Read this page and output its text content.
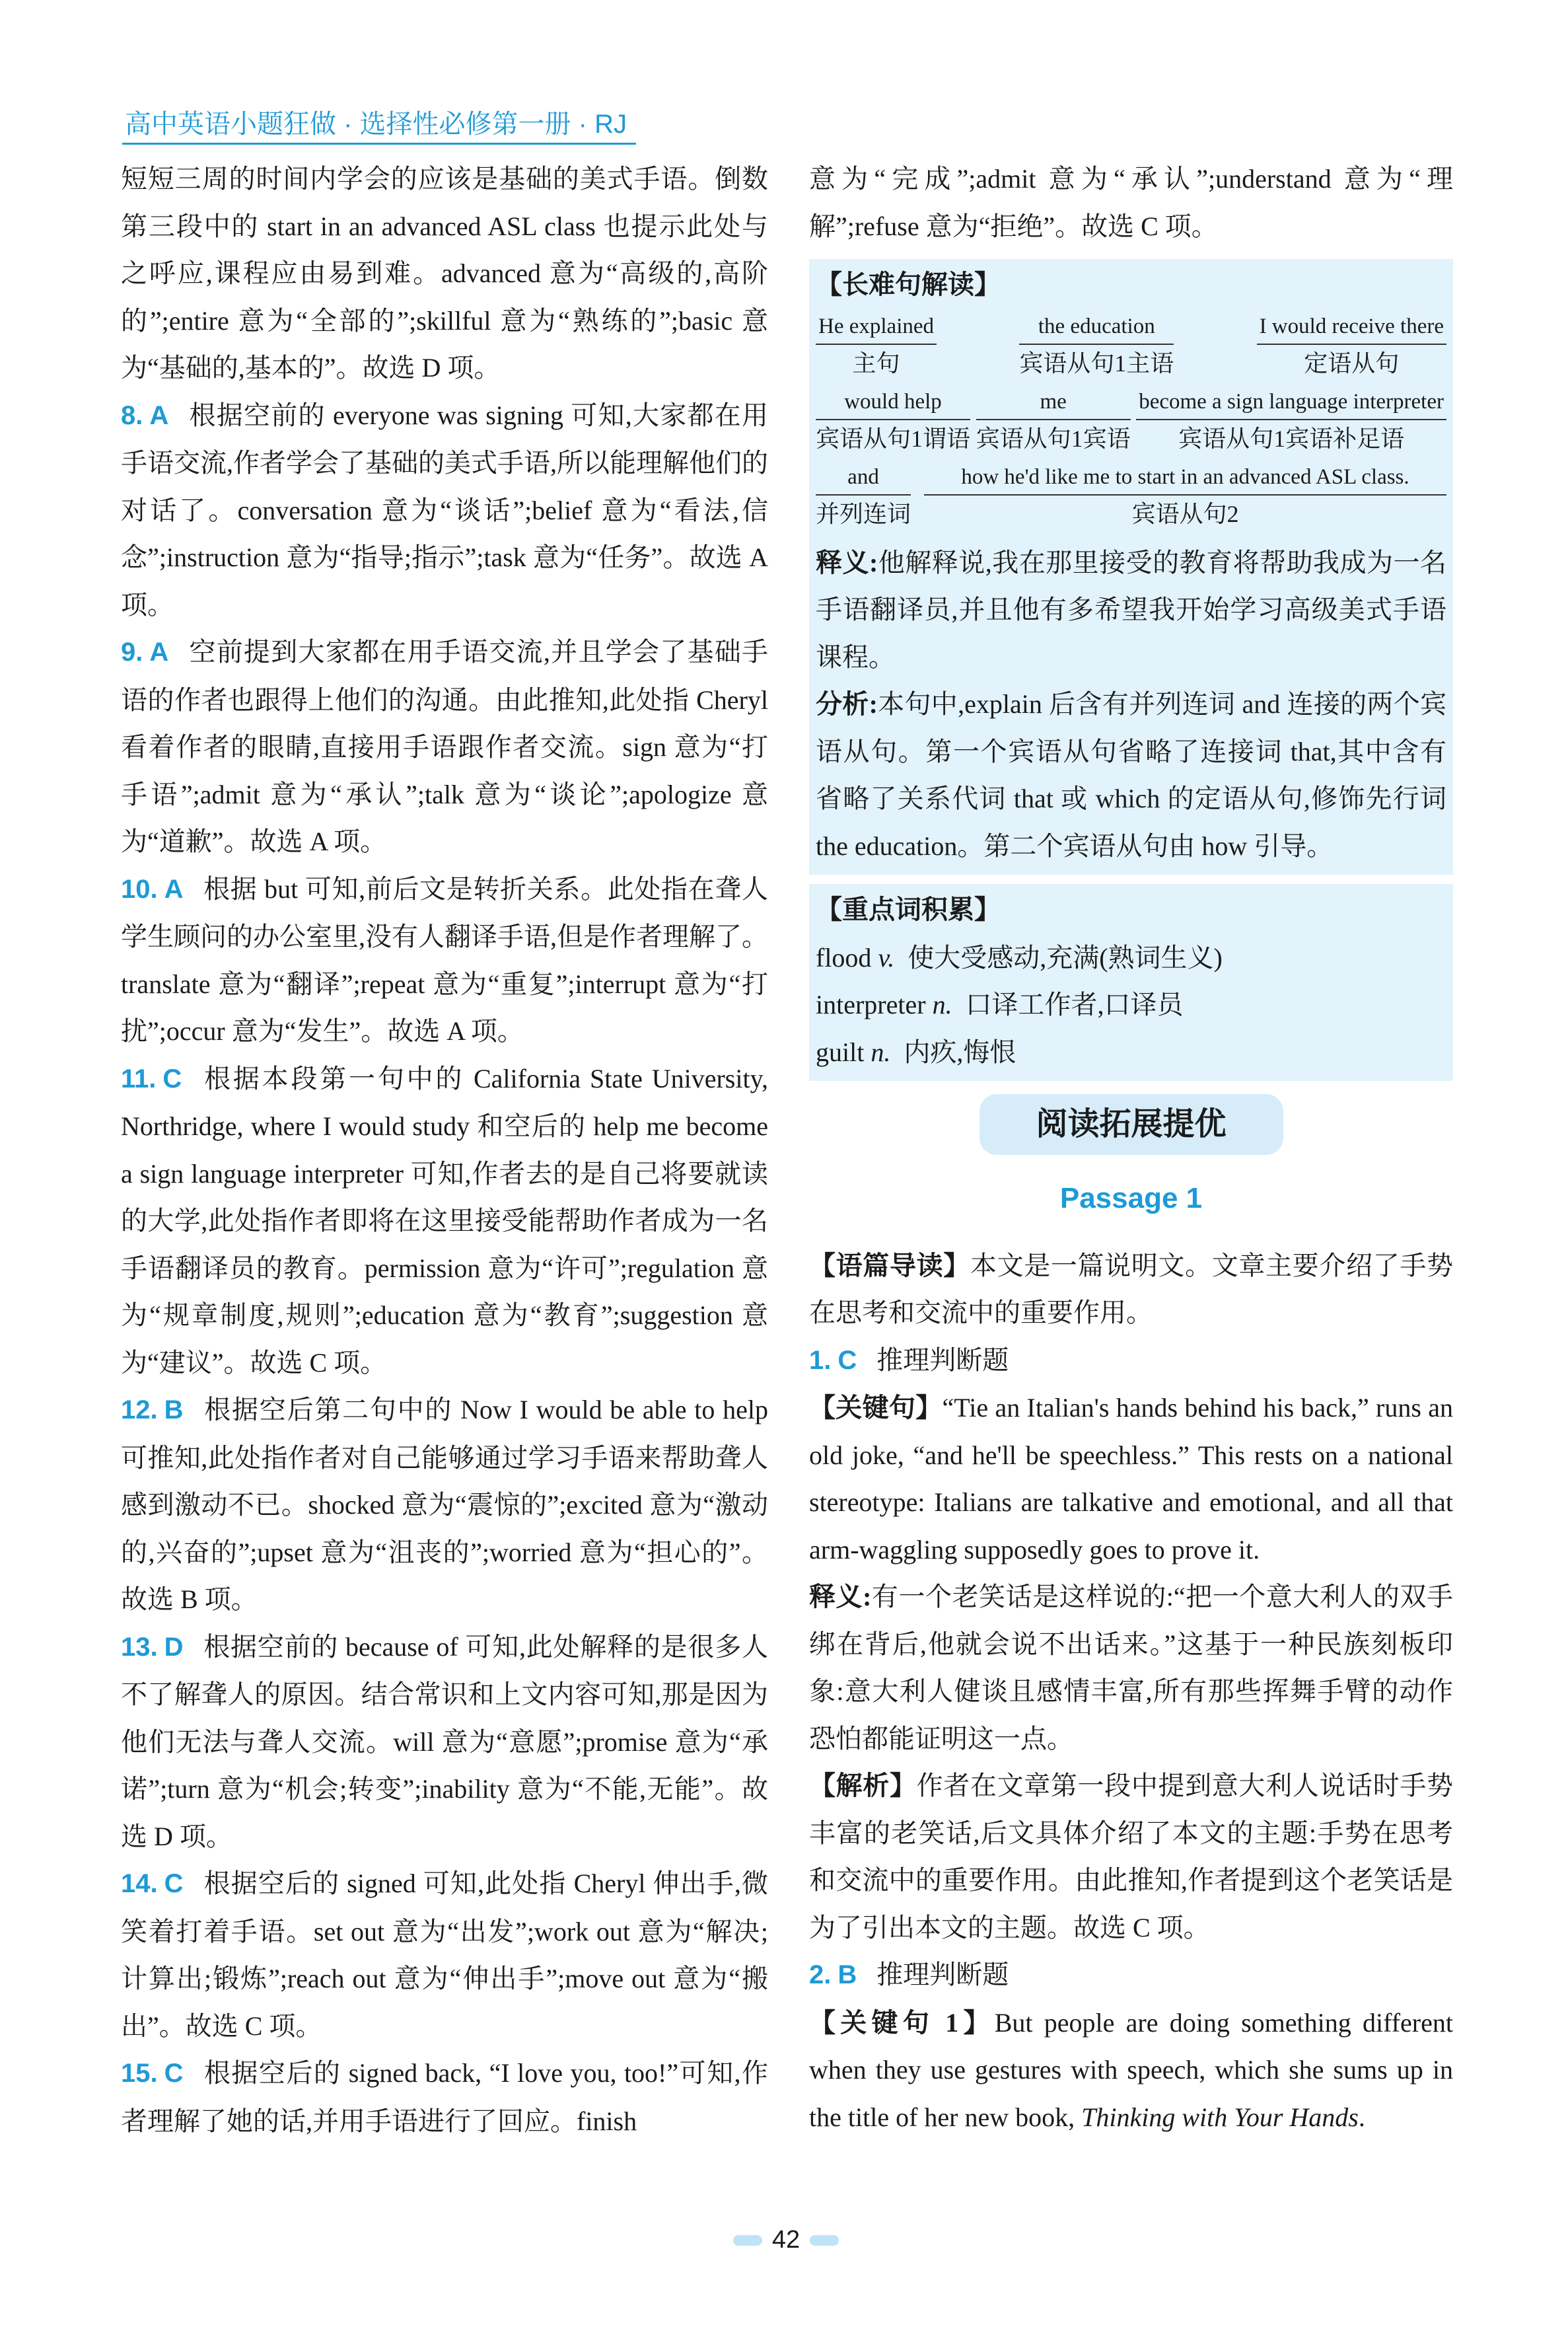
高中英语小题狂做 · 选择性必修第一册 · RJ

短短三周的时间内学会的应该是基础的美式手语。倒数第三段中的 start in an advanced ASL class 也提示此处与之呼应,课程应由易到难。advanced 意为“高级的,高阶的”;entire 意为“全部的”;skillful 意为“熟练的”;basic 意为“基础的,基本的”。故选 D 项。

8. A 根据空前的 everyone was signing 可知,大家都在用手语交流,作者学会了基础的美式手语,所以能理解他们的对话了。conversation 意为“谈话”;belief 意为“看法,信念”;instruction 意为“指导;指示”;task 意为“任务”。故选 A 项。

9. A 空前提到大家都在用手语交流,并且学会了基础手语的作者也跟得上他们的沟通。由此推知,此处指 Cheryl 看着作者的眼睛,直接用手语跟作者交流。sign 意为“打手语”;admit 意为“承认”;talk 意为“谈论”;apologize 意为“道歉”。故选 A 项。

10. A 根据 but 可知,前后文是转折关系。此处指在聋人学生顾问的办公室里,没有人翻译手语,但是作者理解了。translate 意为“翻译”;repeat 意为“重复”;interrupt 意为“打扰”;occur 意为“发生”。故选 A 项。

11. C 根据本段第一句中的 California State University, Northridge, where I would study 和空后的 help me become a sign language interpreter 可知,作者去的是自己将要就读的大学,此处指作者即将在这里接受能帮助作者成为一名手语翻译员的教育。permission 意为“许可”;regulation 意为“规章制度,规则”;education 意为“教育”;suggestion 意为“建议”。故选 C 项。

12. B 根据空后第二句中的 Now I would be able to help 可推知,此处指作者对自己能够通过学习手语来帮助聋人感到激动不已。shocked 意为“震惊的”;excited 意为“激动的,兴奋的”;upset 意为“沮丧的”;worried 意为“担心的”。故选 B 项。

13. D 根据空前的 because of 可知,此处解释的是很多人不了解聋人的原因。结合常识和上文内容可知,那是因为他们无法与聋人交流。will 意为“意愿”;promise 意为“承诺”;turn 意为“机会;转变”;inability 意为“不能,无能”。故选 D 项。

14. C 根据空后的 signed 可知,此处指 Cheryl 伸出手,微笑着打着手语。set out 意为“出发”;work out 意为“解决;计算出;锻炼”;reach out 意为“伸出手”;move out 意为“搬出”。故选 C 项。

15. C 根据空后的 signed back, “I love you, too!”可知,作者理解了她的话,并用手语进行了回应。finish

意为“完成”;admit 意为“承认”;understand 意为“理解”;refuse 意为“拒绝”。故选 C 项。

【长难句解读】
He explained
主句
the education
宾语从句1主语
I would receive there
定语从句
would help
宾语从句1谓语
me
宾语从句1宾语
become a sign language interpreter
宾语从句1宾语补足语
and
并列连词
how he'd like me to start in an advanced ASL class.
宾语从句2

释义:他解释说,我在那里接受的教育将帮助我成为一名手语翻译员,并且他有多希望我开始学习高级美式手语课程。

分析:本句中,explain 后含有并列连词 and 连接的两个宾语从句。第一个宾语从句省略了连接词 that,其中含有省略了关系代词 that 或 which 的定语从句,修饰先行词 the education。第二个宾语从句由 how 引导。

【重点词积累】

flood v. 使大受感动,充满(熟词生义)

interpreter n. 口译工作者,口译员

guilt n. 内疚,悔恨

阅读拓展提优
Passage 1

【语篇导读】本文是一篇说明文。文章主要介绍了手势在思考和交流中的重要作用。

1. C 推理判断题

【关键句】“Tie an Italian's hands behind his back,” runs an old joke, “and he'll be speechless.” This rests on a national stereotype: Italians are talkative and emotional, and all that arm-waggling supposedly goes to prove it.

释义:有一个老笑话是这样说的:“把一个意大利人的双手绑在背后,他就会说不出话来。”这基于一种民族刻板印象:意大利人健谈且感情丰富,所有那些挥舞手臂的动作恐怕都能证明这一点。

【解析】作者在文章第一段中提到意大利人说话时手势丰富的老笑话,后文具体介绍了本文的主题:手势在思考和交流中的重要作用。由此推知,作者提到这个老笑话是为了引出本文的主题。故选 C 项。

2. B 推理判断题

【关键句 1】But people are doing something different when they use gestures with speech, which she sums up in the title of her new book, Thinking with Your Hands.

42
